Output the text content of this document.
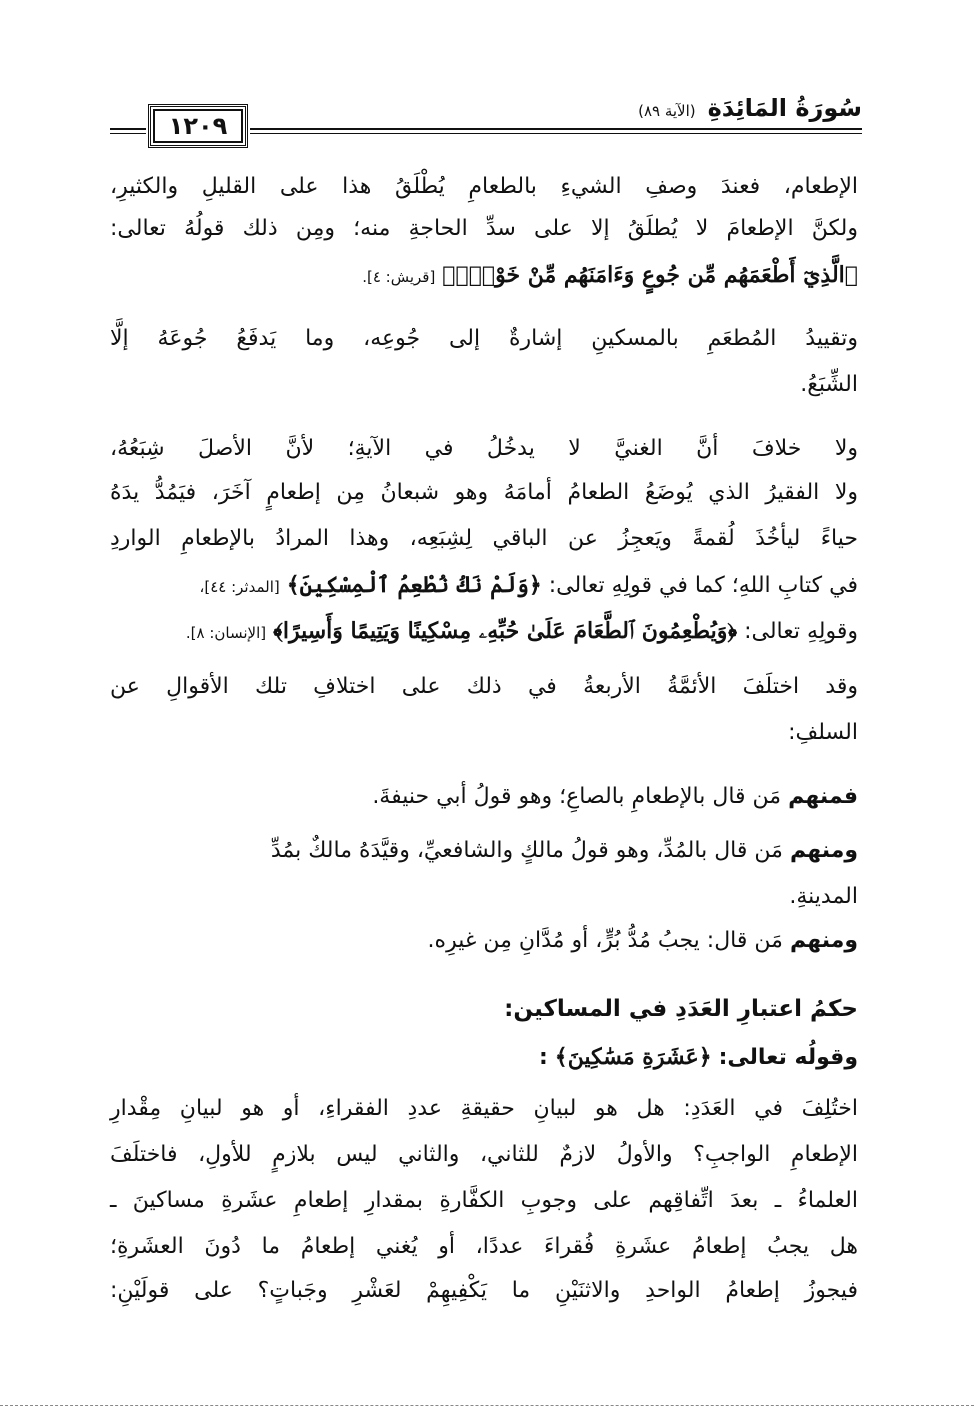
١٢٠٩
سُورَةُ المَائِدَةِ
(الآية ٨٩)
الإطعام، فعندَ وصفِ الشيءِ بالطعامِ يُطْلَقُ هذا على القليلِ والكثيرِ،
ولكنَّ الإطعامَ لا يُطلَقُ إلا على سدِّ الحاجةِ منه؛ ومِن ذلك قولُهُ تعالى:
﴿الَّذِيٓ أَطْعَمَهُم مِّن جُوعٍ وَءَامَنَهُم مِّنْ خَوْفِۭ﴾ [قريش: ٤].
وتقييدُ المُطعَمِ بالمسكينِ إشارةٌ إلى جُوعِه، وما يَدفَعُ جُوعَهُ إلَّا
الشِّبَعُ.
ولا خلافَ أنَّ الغنيَّ لا يدخُلُ في الآيةِ؛ لأنَّ الأصلَ شِبَعُهُ،
ولا الفقيرُ الذي يُوضَعُ الطعامُ أمامَهُ وهو شبعانُ مِن إطعامٍ آخَرَ، فيَمُدُّ يدَهُ
حياءً ليأخُذَ لُقمةً ويَعجِزُ عن الباقي لِشِبَعِه، وهذا المرادُ بالإطعامِ الواردِ
في كتابِ اللهِ؛ كما في قولِهِ تعالى: ﴿وَلَمْ نَكُ نُطْعِمُ ٱلْمِسْكِينَ﴾ [المدثر: ٤٤]،
وقولِهِ تعالى: ﴿وَيُطْعِمُونَ ٱلطَّعَامَ عَلَىٰ حُبِّهِۦ مِسْكِينًا وَيَتِيمًا وَأَسِيرًا﴾ [الإنسان: ٨].
وقد اختلَفَ الأئمَّةُ الأربعةُ في ذلك على اختلافِ تلك الأقوالِ عن
السلفِ:
فمنهم مَن قال بالإطعامِ بالصاعِ؛ وهو قولُ أبي حنيفةَ.
ومنهم مَن قال بالمُدِّ، وهو قولُ مالكٍ والشافعيِّ، وقيَّدَهُ مالكٌ بمُدِّ
المدينةِ.
ومنهم مَن قال: يجبُ مُدُّ بُرٍّ، أو مُدَّانِ مِن غيرِه.
حكمُ اعتبارِ العَدَدِ في المساكين:
وقولُه تعالى: ﴿عَشَرَةِ مَسَٰكِينَ﴾ :
اختُلِفَ في العَدَدِ: هل هو لبيانِ حقيقةِ عددِ الفقراءِ، أو هو لبيانِ مِقْدارِ
الإطعامِ الواجبِ؟ والأولُ لازمٌ للثاني، والثاني ليس بلازمٍ للأولِ، فاختلَفَ
العلماءُ ـ بعدَ اتِّفاقِهم على وجوبِ الكفَّارةِ بمقدارِ إطعامِ عشَرةِ مساكينَ ـ
هل يجبُ إطعامُ عشَرةِ فُقراءَ عددًا، أو يُغني إطعامُ ما دُونَ العشَرةِ؛
فيجوزُ إطعامُ الواحدِ والاثنَيْنِ ما يَكْفِيهِمْ لعَشْرِ وجَباتٍ؟ على قولَيْنِ:
